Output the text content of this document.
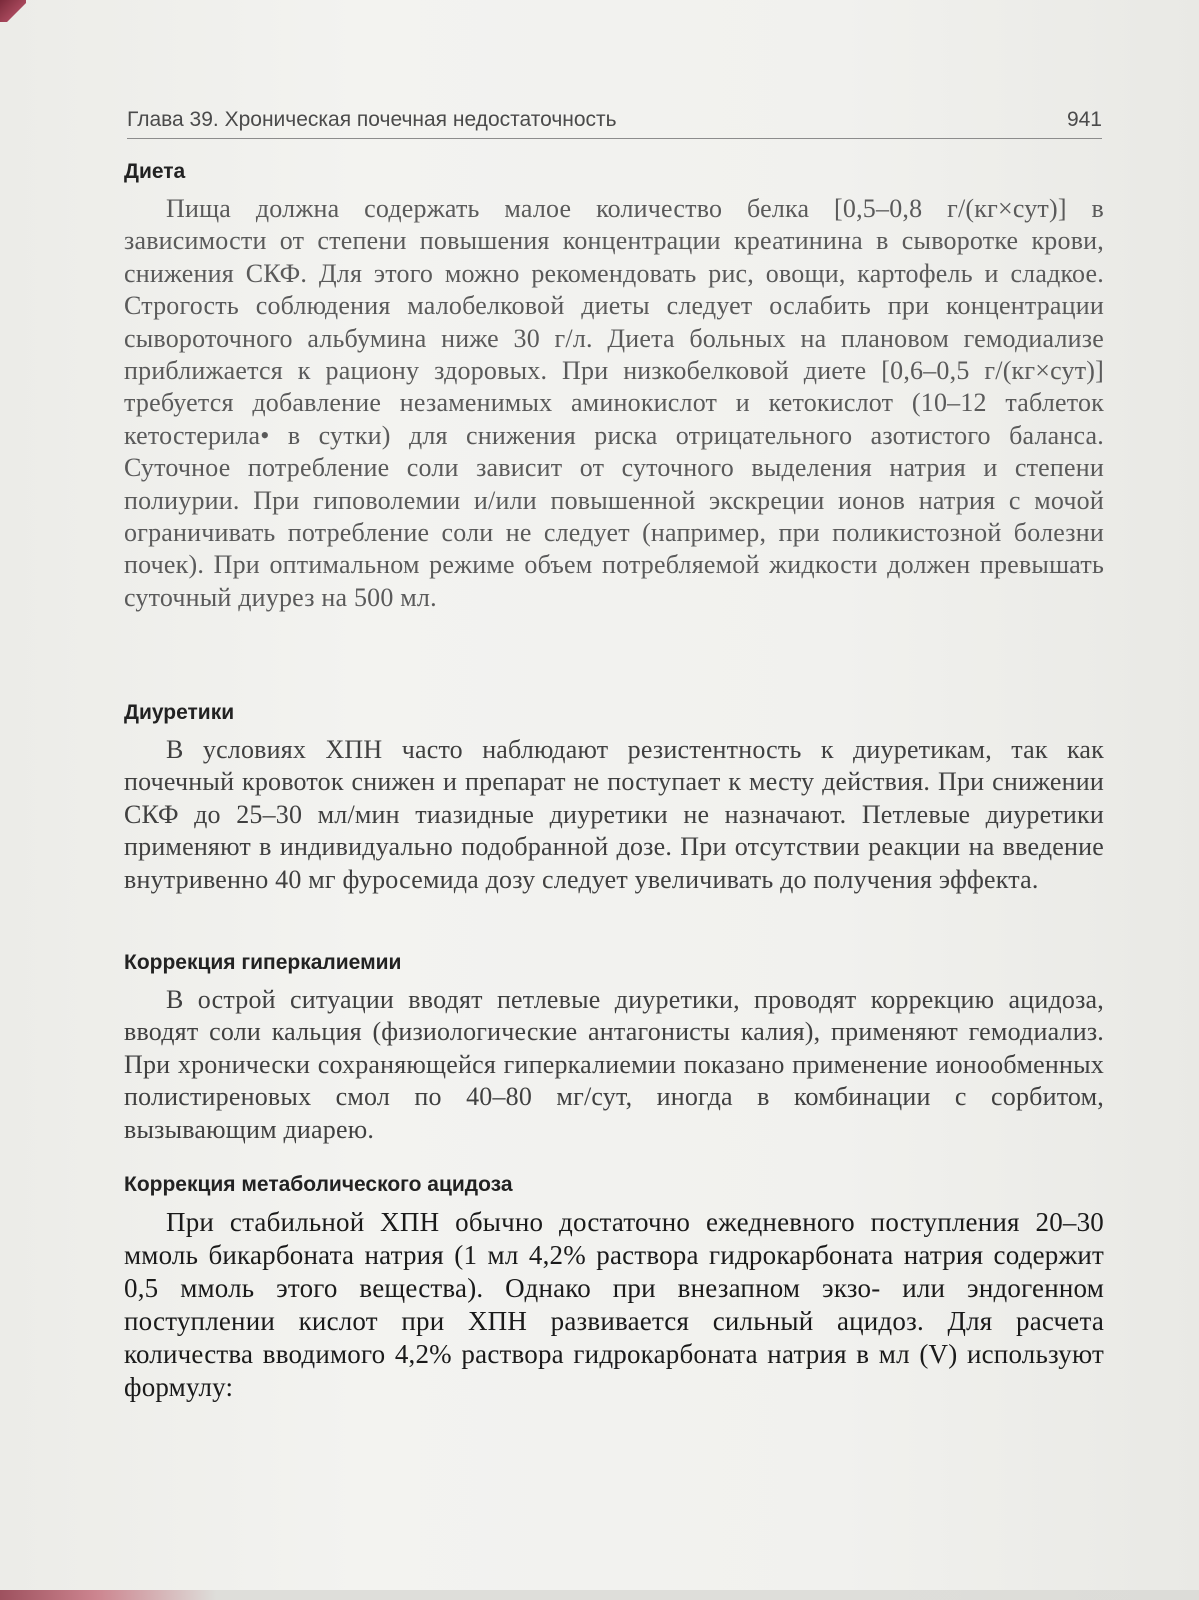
Глава 39. Хроническая почечная недостаточность	941
Диета

Пища должна содержать малое количество белка [0,5–0,8 г/(кг×сут)] в зависимости от степени повышения концентрации креатинина в сыворотке крови, снижения СКФ. Для этого можно рекомендовать рис, овощи, картофель и сладкое. Строгость соблюдения малобелковой диеты следует ослабить при концентрации сывороточного альбумина ниже 30 г/л. Диета больных на плановом гемодиализе приближается к рациону здоровых. При низкобелковой диете [0,6–0,5 г/(кг×сут)] требуется добавление незаменимых аминокислот и кетокислот (10–12 таблеток кетостерила• в сутки) для снижения риска отрицательного азотистого баланса. Суточное потребление соли зависит от суточного выделения натрия и степени полиурии. При гиповолемии и/или повышенной экскреции ионов натрия с мочой ограничивать потребление соли не следует (например, при поликистозной болезни почек). При оптимальном режиме объем потребляемой жидкости должен превышать суточный диурез на 500 мл.

Диуретики

В условиях ХПН часто наблюдают резистентность к диуретикам, так как почечный кровоток снижен и препарат не поступает к месту действия. При снижении СКФ до 25–30 мл/мин тиазидные диуретики не назначают. Петлевые диуретики применяют в индивидуально подобранной дозе. При отсутствии реакции на введение внутривенно 40 мг фуросемида дозу следует увеличивать до получения эффекта.

Коррекция гиперкалиемии

В острой ситуации вводят петлевые диуретики, проводят коррекцию ацидоза, вводят соли кальция (физиологические антагонисты калия), применяют гемодиализ. При хронически сохраняющейся гиперкалиемии показано применение ионообменных полистиреновых смол по 40–80 мг/сут, иногда в комбинации с сорбитом, вызывающим диарею.

Коррекция метаболического ацидоза

При стабильной ХПН обычно достаточно ежедневного поступления 20–30 ммоль бикарбоната натрия (1 мл 4,2% раствора гидрокарбоната натрия содержит 0,5 ммоль этого вещества). Однако при внезапном экзо- или эндогенном поступлении кислот при ХПН развивается сильный ацидоз. Для расчета количества вводимого 4,2% раствора гидрокарбоната натрия в мл (V) используют формулу:
